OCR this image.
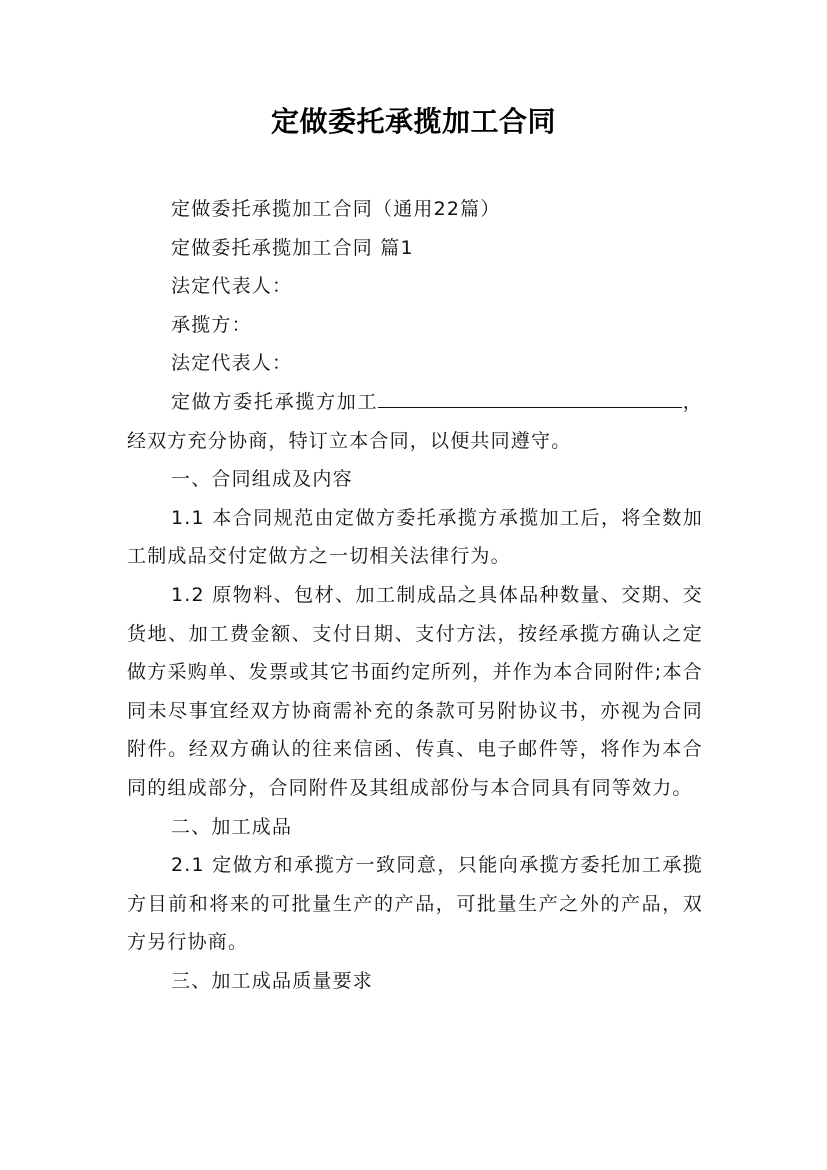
定做委托承揽加工合同

定做委托承揽加工合同（通用22篇）

定做委托承揽加工合同 篇1

法定代表人：

承揽方：

法定代表人：

定做方委托承揽方加工	，经双方充分协商，特订立本合同，以便共同遵守。

一、合同组成及内容

1.1 本合同规范由定做方委托承揽方承揽加工后，将全数加工制成品交付定做方之一切相关法律行为。

1.2 原物料、包材、加工制成品之具体品种数量、交期、交货地、加工费金额、支付日期、支付方法，按经承揽方确认之定做方采购单、发票或其它书面约定所列，并作为本合同附件;本合同未尽事宜经双方协商需补充的条款可另附协议书，亦视为合同附件。经双方确认的往来信函、传真、电子邮件等，将作为本合同的组成部分，合同附件及其组成部份与本合同具有同等效力。

二、加工成品

2.1 定做方和承揽方一致同意，只能向承揽方委托加工承揽方目前和将来的可批量生产的产品，可批量生产之外的产品，双方另行协商。

三、加工成品质量要求
